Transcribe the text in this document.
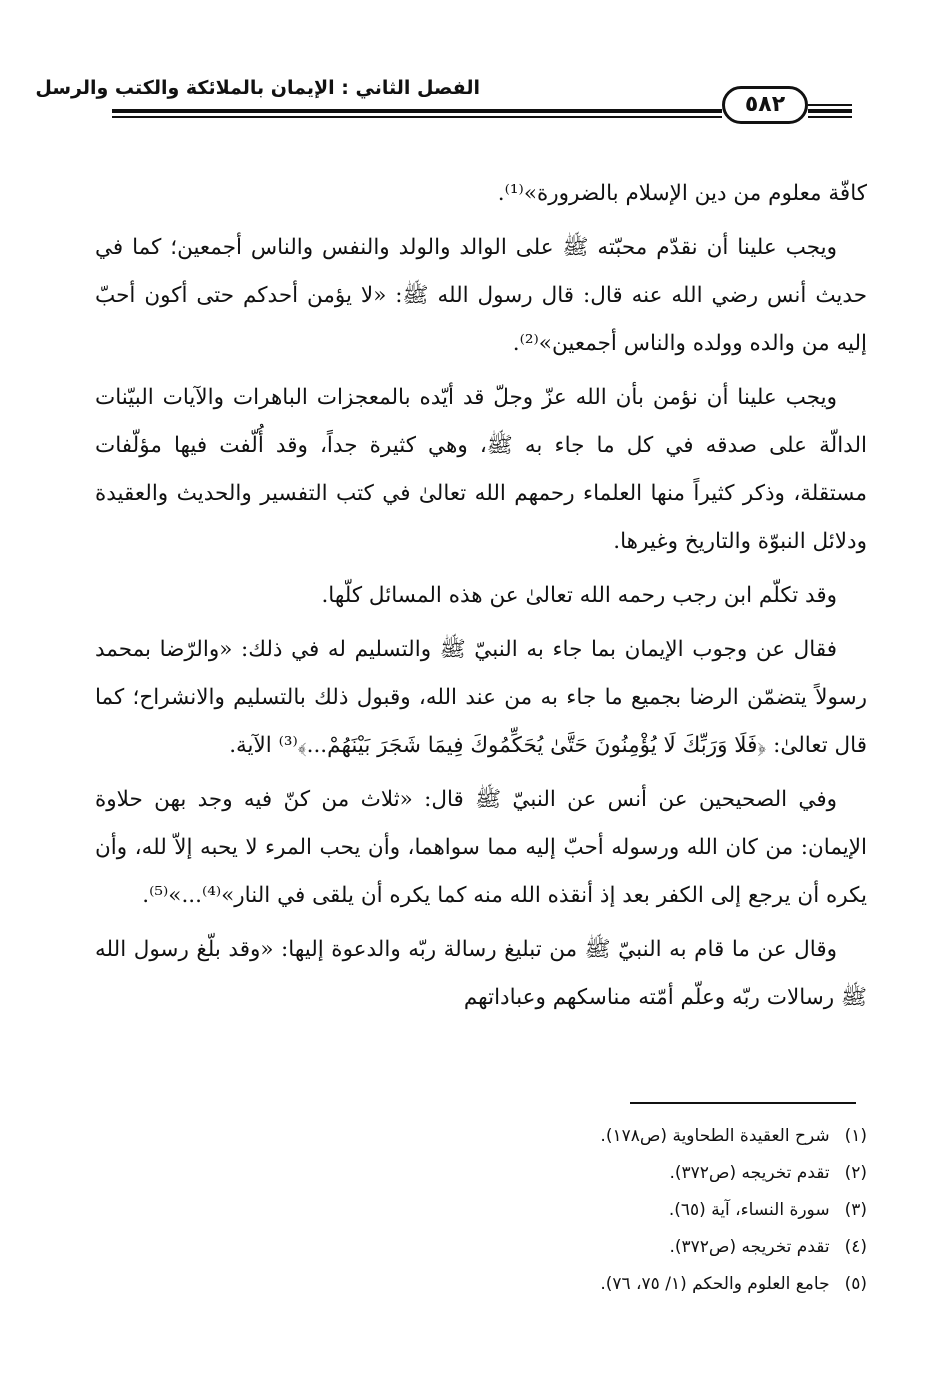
الفصل الثاني : الإيمان بالملائكة والكتب والرسل
٥٨٢

كافّة معلوم من دين الإسلام بالضرورة»⁽¹⁾.

ويجب علينا أن نقدّم محبّته ﷺ على الوالد والولد والنفس والناس أجمعين؛ كما في حديث أنس رضي الله عنه قال: قال رسول الله ﷺ: «لا يؤمن أحدكم حتى أكون أحبّ إليه من والده وولده والناس أجمعين»⁽²⁾.

ويجب علينا أن نؤمن بأن الله عزّ وجلّ قد أيّده بالمعجزات الباهرات والآيات البيّنات الدالّة على صدقه في كل ما جاء به ﷺ، وهي كثيرة جداً، وقد أُلّفت فيها مؤلّفات مستقلة، وذكر كثيراً منها العلماء رحمهم الله تعالىٰ في كتب التفسير والحديث والعقيدة ودلائل النبوّة والتاريخ وغيرها.

وقد تكلّم ابن رجب رحمه الله تعالىٰ عن هذه المسائل كلّها.

فقال عن وجوب الإيمان بما جاء به النبيّ ﷺ والتسليم له في ذلك: «والرّضا بمحمد رسولاً يتضمّن الرضا بجميع ما جاء به من عند الله، وقبول ذلك بالتسليم والانشراح؛ كما قال تعالىٰ: ﴿فَلَا وَرَبِّكَ لَا يُؤْمِنُونَ حَتَّىٰ يُحَكِّمُوكَ فِيمَا شَجَرَ بَيْنَهُمْ...﴾⁽³⁾ الآية.

وفي الصحيحين عن أنس عن النبيّ ﷺ قال: «ثلاث من كنّ فيه وجد بهن حلاوة الإيمان: من كان الله ورسوله أحبّ إليه مما سواهما، وأن يحب المرء لا يحبه إلاّ لله، وأن يكره أن يرجع إلى الكفر بعد إذ أنقذه الله منه كما يكره أن يلقى في النار»⁽⁴⁾...»⁽⁵⁾.

وقال عن ما قام به النبيّ ﷺ من تبليغ رسالة ربّه والدعوة إليها: «وقد بلّغ رسول الله ﷺ رسالات ربّه وعلّم أمّته مناسكهم وعباداتهم

(١) شرح العقيدة الطحاوية (ص١٧٨).
(٢) تقدم تخريجه (ص٣٧٢).
(٣) سورة النساء، آية (٦٥).
(٤) تقدم تخريجه (ص٣٧٢).
(٥) جامع العلوم والحكم (١/ ٧٥، ٧٦).
